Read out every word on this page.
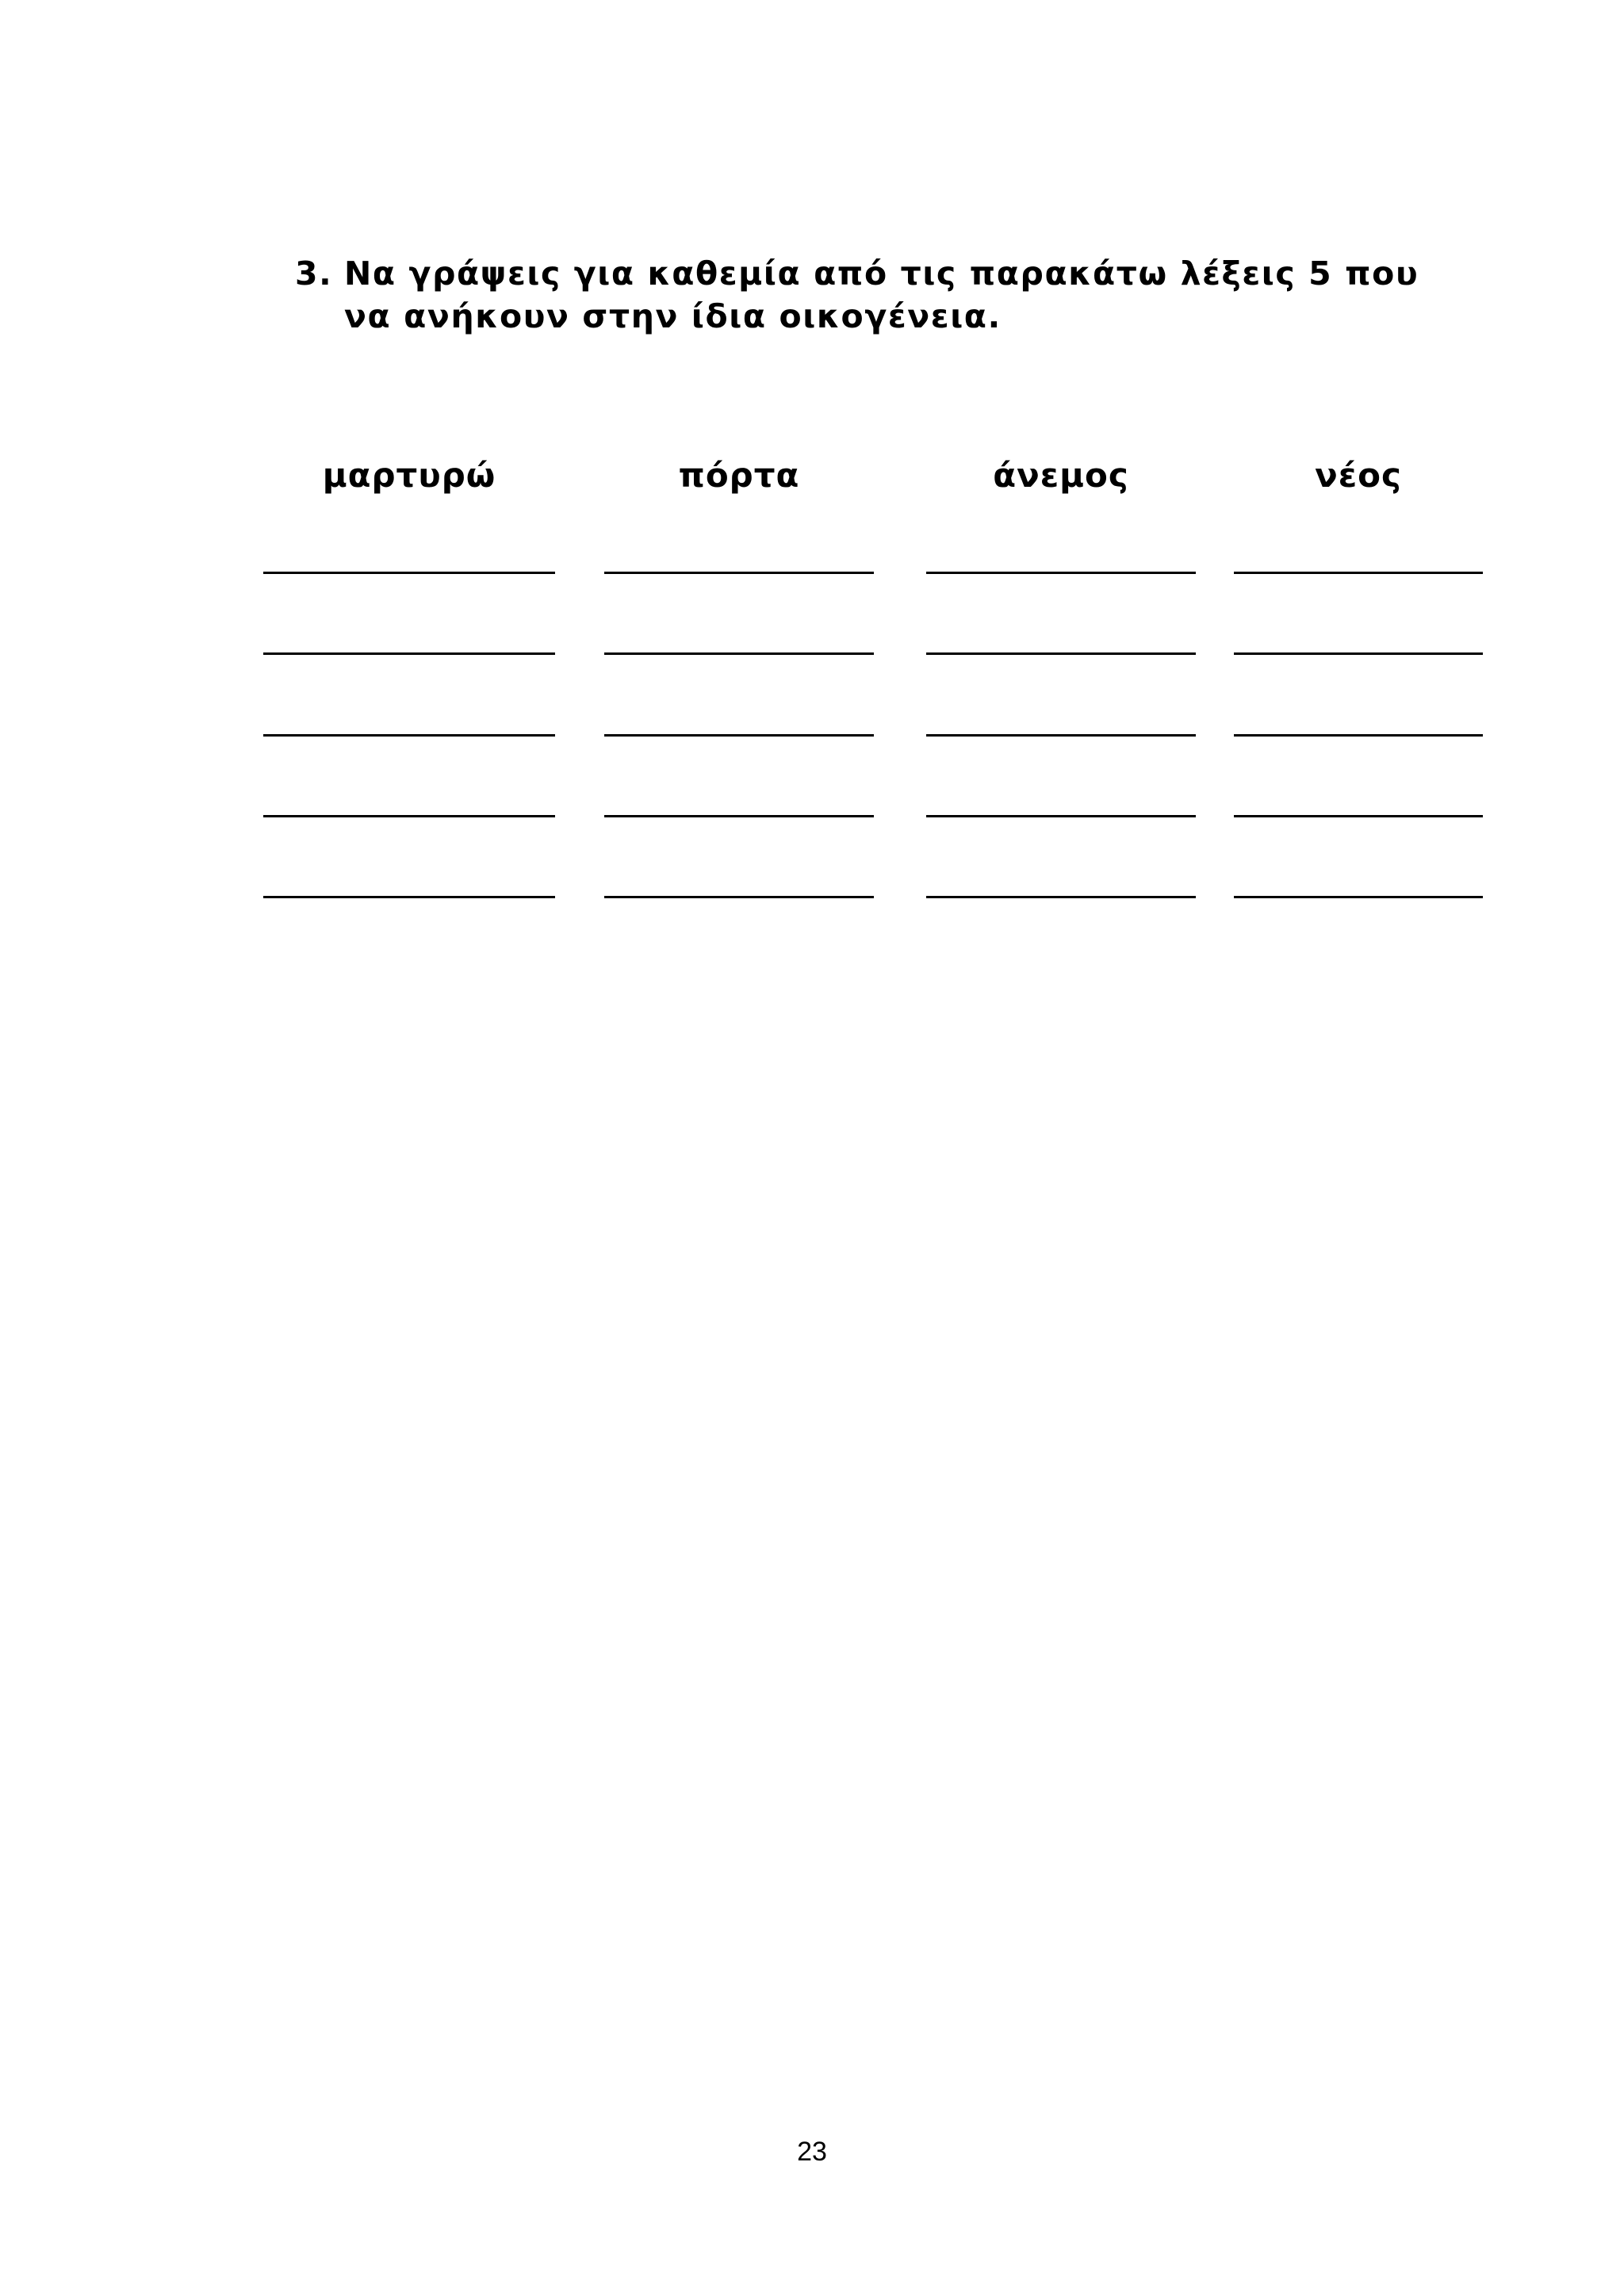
3. Να γράψεις για καθεμία από τις παρακάτω λέξεις 5 που
να ανήκουν στην ίδια οικογένεια.
μαρτυρώ	πόρτα	άνεμος	νέος
23
